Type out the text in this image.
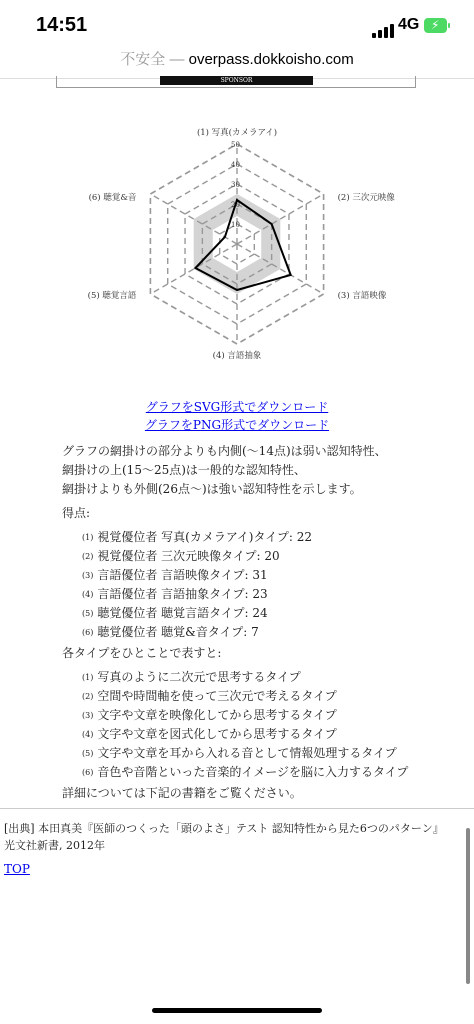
14:51	4G ⚡
不安全 — overpass.dokkoisho.com
SPONSOR
50
40
30
20
10
(1) 写真(カメラアイ)
(2) 三次元映像
(3) 言語映像
(4) 言語抽象
(5) 聴覚言語
(6) 聴覚&音
グラフをSVG形式でダウンロード
グラフをPNG形式でダウンロード
グラフの網掛けの部分よりも内側(〜14点)は弱い認知特性、
網掛けの上(15〜25点)は一般的な認知特性、
網掛けよりも外側(26点〜)は強い認知特性を示します。
得点:
(1) 視覚優位者 写真(カメラアイ)タイプ: 22
(2) 視覚優位者 三次元映像タイプ: 20
(3) 言語優位者 言語映像タイプ: 31
(4) 言語優位者 言語抽象タイプ: 23
(5) 聴覚優位者 聴覚言語タイプ: 24
(6) 聴覚優位者 聴覚&音タイプ: 7
各タイプをひとことで表すと:
(1) 写真のように二次元で思考するタイプ
(2) 空間や時間軸を使って三次元で考えるタイプ
(3) 文字や文章を映像化してから思考するタイプ
(4) 文字や文章を図式化してから思考するタイプ
(5) 文字や文章を耳から入れる音として情報処理するタイプ
(6) 音色や音階といった音楽的イメージを脳に入力するタイプ
詳細については下記の書籍をご覧ください。
[出典] 本田真美『医師のつくった「頭のよさ」テスト 認知特性から見た6つのパターン』
光文社新書, 2012年
TOP
